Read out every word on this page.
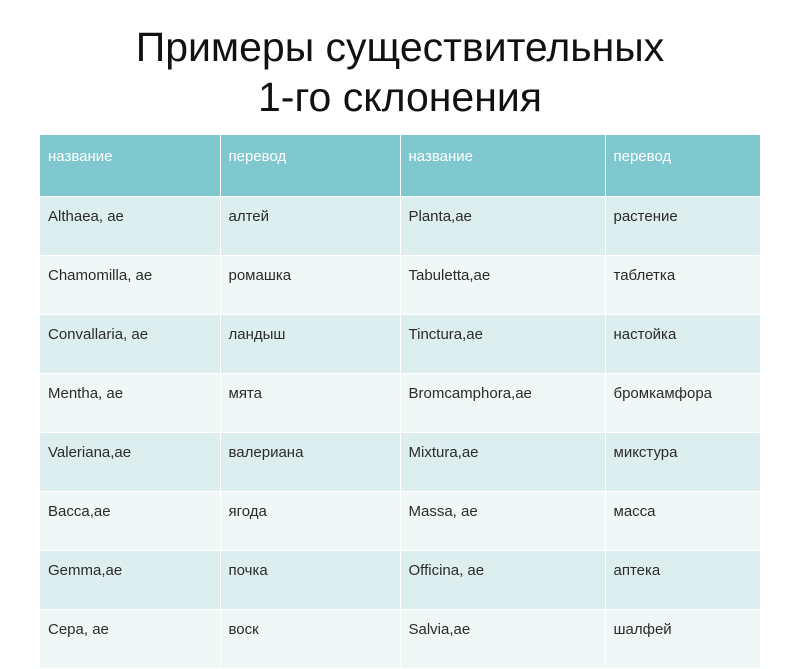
Примеры существительных
1-го склонения
название	перевод	название	перевод
Althaea, ae	алтей	Planta,ae	растение
Chamomilla, ae	ромашка	Tabuletta,ae	таблетка
Convallaria, ae	ландыш	Tinctura,ae	настойка
Mentha, ae	мята	Bromcamphora,ae	бромкамфора
Valeriana,ae	валериана	Mixtura,ae	микстура
Bacca,ae	ягода	Massa, ae	масса
Gemma,ae	почка	Officina, ae	аптека
Cepa, ae	воск	Salvia,ae	шалфей
